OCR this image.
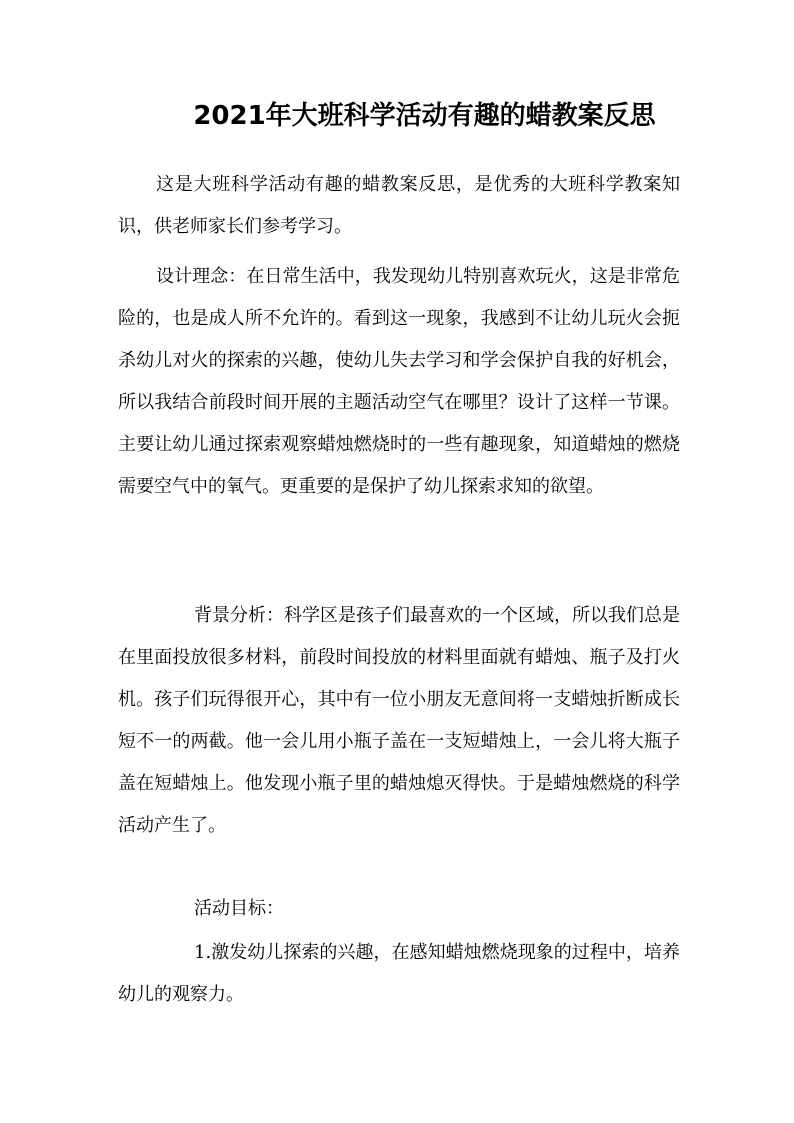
2021年大班科学活动有趣的蜡教案反思

这是大班科学活动有趣的蜡教案反思，是优秀的大班科学教案知识，供老师家长们参考学习。

设计理念：在日常生活中，我发现幼儿特别喜欢玩火，这是非常危险的，也是成人所不允许的。看到这一现象，我感到不让幼儿玩火会扼杀幼儿对火的探索的兴趣，使幼儿失去学习和学会保护自我的好机会，所以我结合前段时间开展的主题活动空气在哪里？设计了这样一节课。主要让幼儿通过探索观察蜡烛燃烧时的一些有趣现象，知道蜡烛的燃烧需要空气中的氧气。更重要的是保护了幼儿探索求知的欲望。

背景分析：科学区是孩子们最喜欢的一个区域，所以我们总是在里面投放很多材料，前段时间投放的材料里面就有蜡烛、瓶子及打火机。孩子们玩得很开心，其中有一位小朋友无意间将一支蜡烛折断成长短不一的两截。他一会儿用小瓶子盖在一支短蜡烛上，一会儿将大瓶子盖在短蜡烛上。他发现小瓶子里的蜡烛熄灭得快。于是蜡烛燃烧的科学活动产生了。

活动目标：

1.激发幼儿探索的兴趣，在感知蜡烛燃烧现象的过程中，培养幼儿的观察力。
